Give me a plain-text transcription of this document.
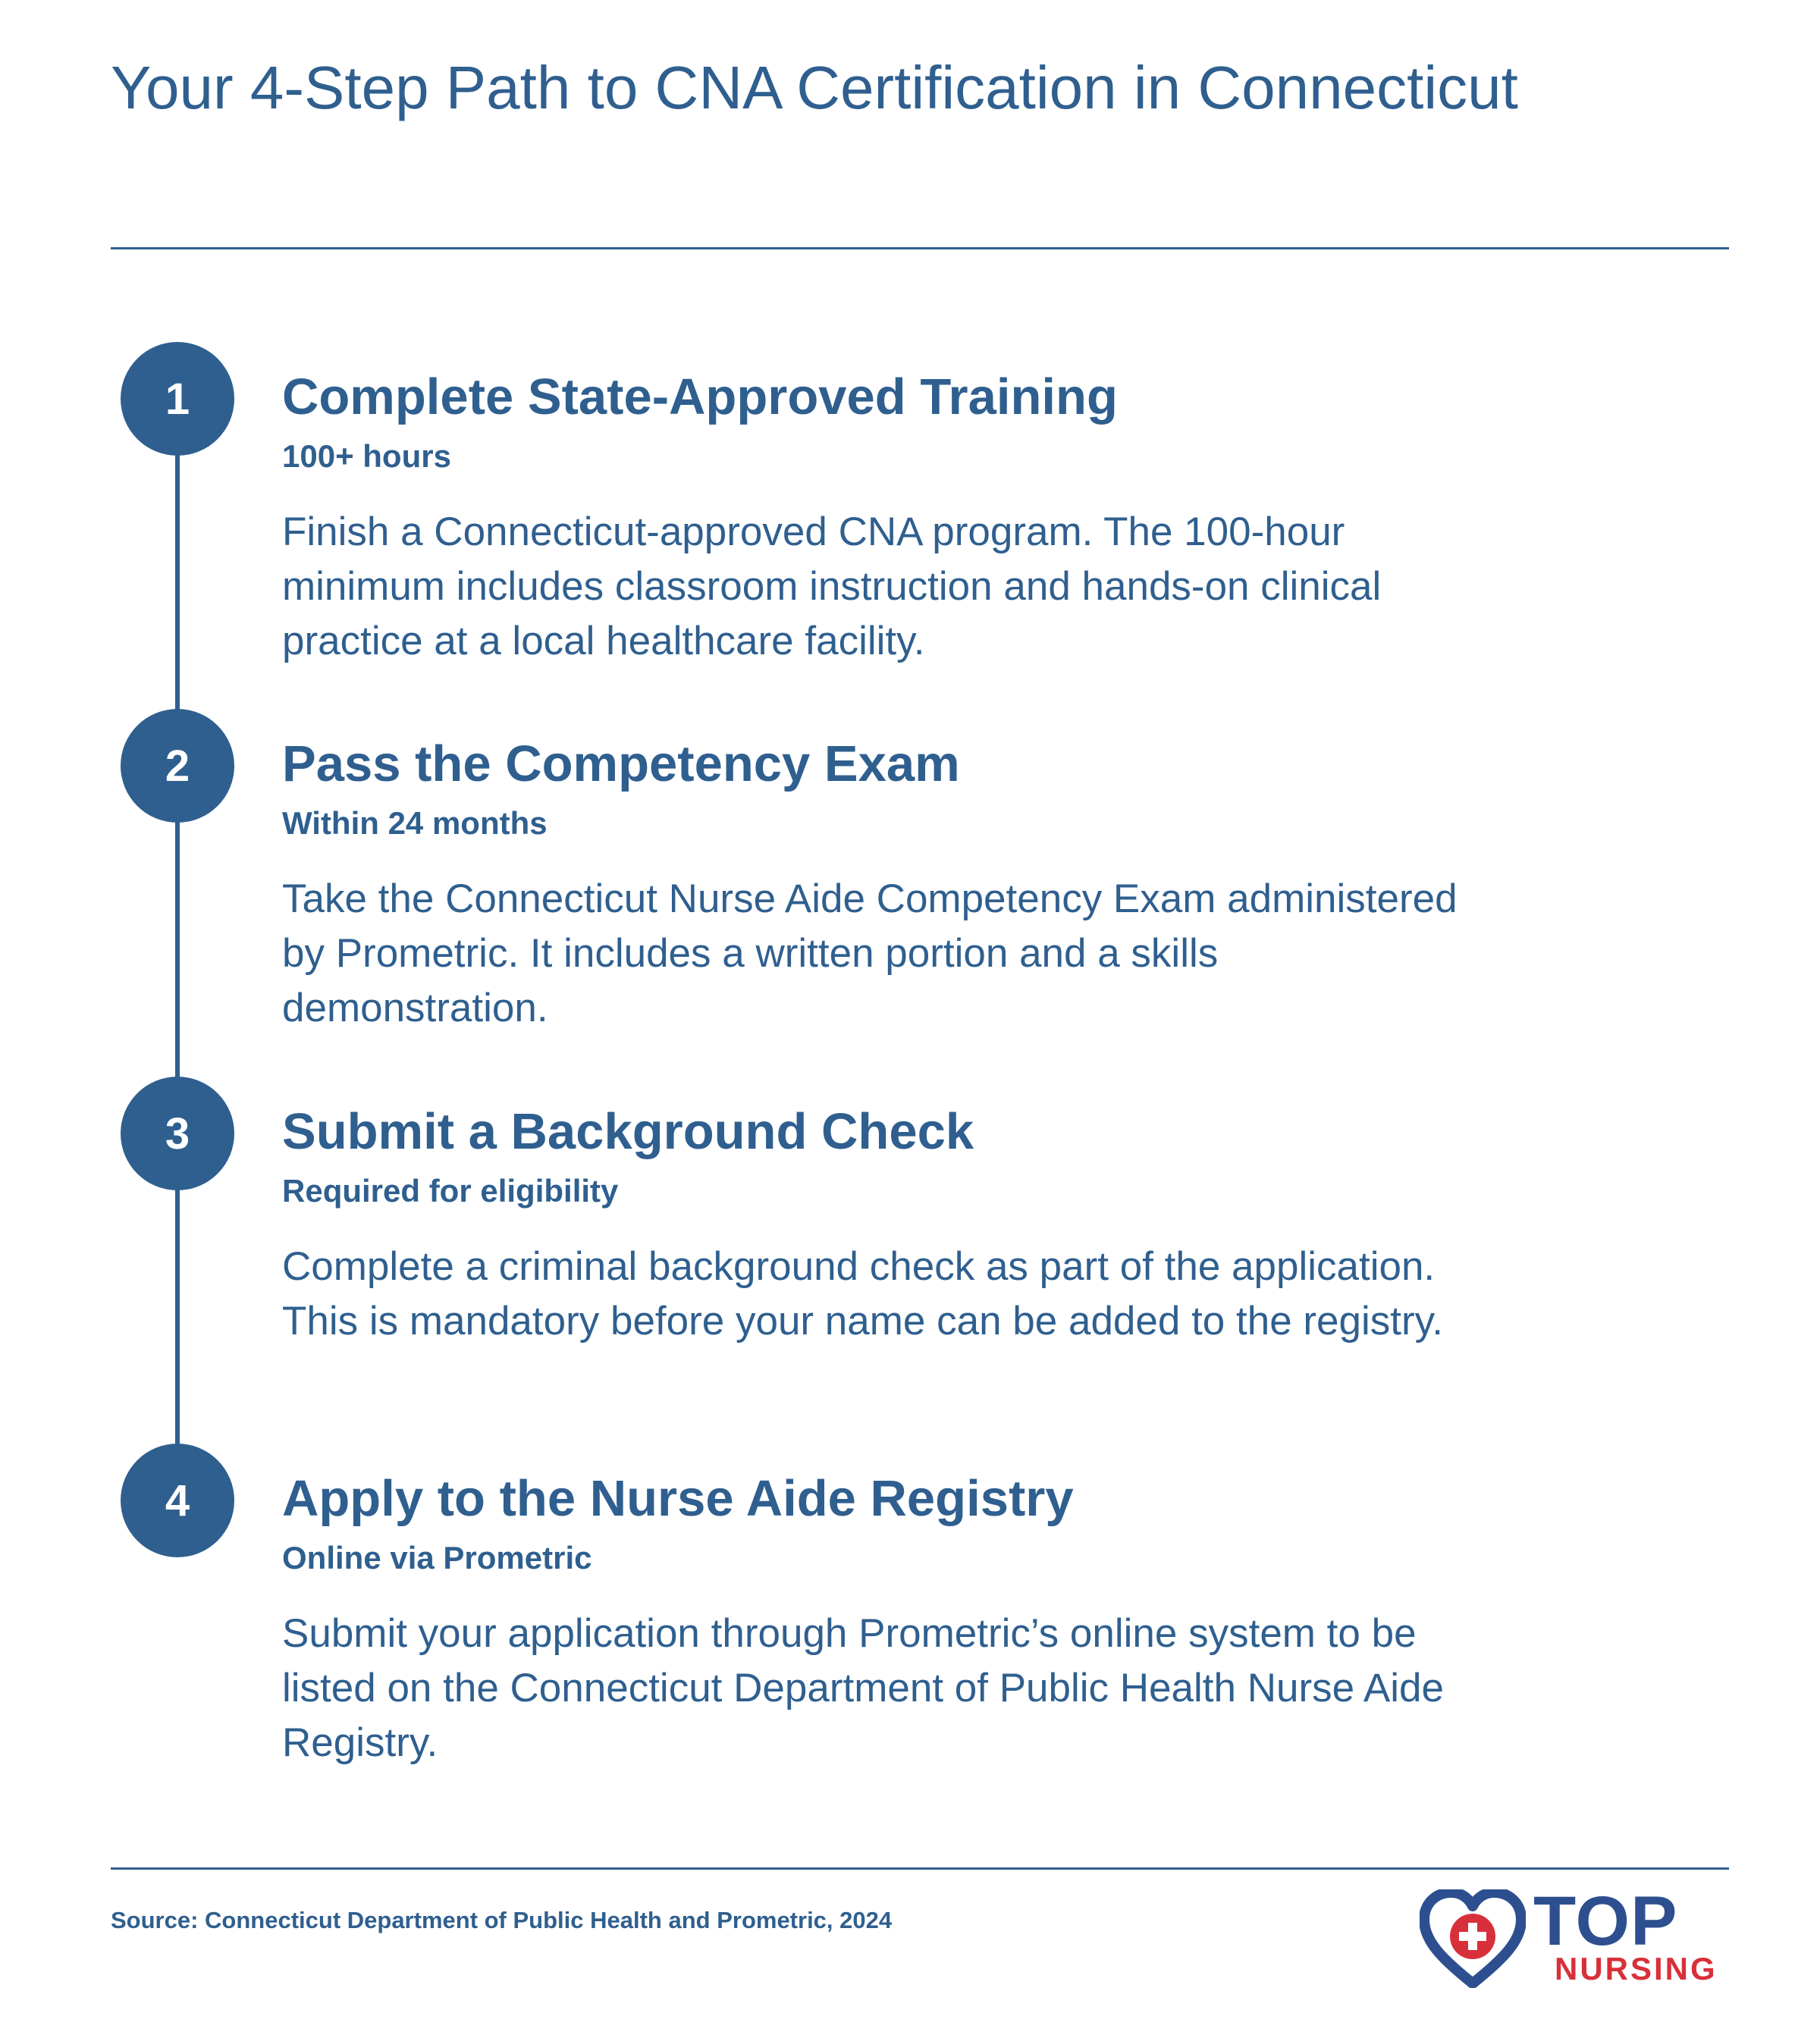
Your 4-Step Path to CNA Certification in Connecticut
1	Complete State-Approved Training

100+ hours

Finish a Connecticut-approved CNA program. The 100-hour minimum includes classroom instruction and hands-on clinical practice at a local healthcare facility.

2	Pass the Competency Exam

Within 24 months

Take the Connecticut Nurse Aide Competency Exam administered by Prometric. It includes a written portion and a skills demonstration.

3	Submit a Background Check

Required for eligibility

Complete a criminal background check as part of the application. This is mandatory before your name can be added to the registry.

4	Apply to the Nurse Aide Registry

Online via Prometric

Submit your application through Prometric’s online system to be listed on the Connecticut Department of Public Health Nurse Aide Registry.

Source: Connecticut Department of Public Health and Prometric, 2024	TOP
NURSING
